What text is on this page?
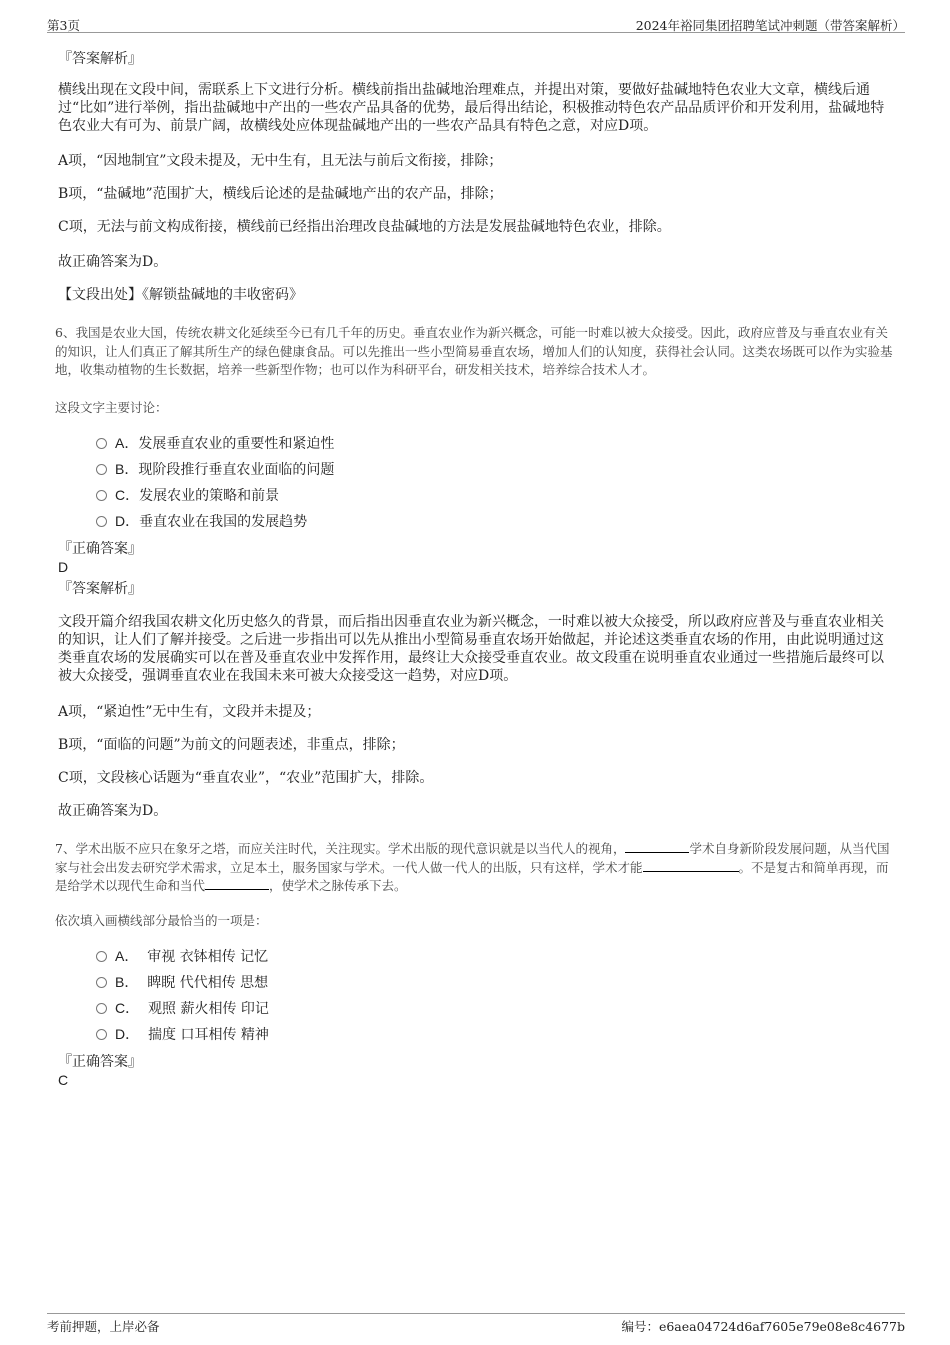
第3页	2024年裕同集团招聘笔试冲刺题（带答案解析）
『答案解析』
横线出现在文段中间，需联系上下文进行分析。横线前指出盐碱地治理难点，并提出对策，要做好盐碱地特色农业大文章，横线后通过“比如”进行举例，指出盐碱地中产出的一些农产品具备的优势，最后得出结论，积极推动特色农产品品质评价和开发利用，盐碱地特色农业大有可为、前景广阔，故横线处应体现盐碱地产出的一些农产品具有特色之意，对应D项。
A项，“因地制宜”文段未提及，无中生有，且无法与前后文衔接，排除；
B项，“盐碱地”范围扩大，横线后论述的是盐碱地产出的农产品，排除；
C项，无法与前文构成衔接，横线前已经指出治理改良盐碱地的方法是发展盐碱地特色农业，排除。
故正确答案为D。
【文段出处】《解锁盐碱地的丰收密码》
6、我国是农业大国，传统农耕文化延续至今已有几千年的历史。垂直农业作为新兴概念，可能一时难以被大众接受。因此，政府应普及与垂直农业有关的知识，让人们真正了解其所生产的绿色健康食品。可以先推出一些小型简易垂直农场，增加人们的认知度，获得社会认同。这类农场既可以作为实验基地，收集动植物的生长数据，培养一些新型作物；也可以作为科研平台，研发相关技术，培养综合技术人才。
这段文字主要讨论：
A．发展垂直农业的重要性和紧迫性
B．现阶段推行垂直农业面临的问题
C．发展农业的策略和前景
D．垂直农业在我国的发展趋势
『正确答案』
D
『答案解析』
文段开篇介绍我国农耕文化历史悠久的背景，而后指出因垂直农业为新兴概念，一时难以被大众接受，所以政府应普及与垂直农业相关的知识，让人们了解并接受。之后进一步指出可以先从推出小型简易垂直农场开始做起，并论述这类垂直农场的作用，由此说明通过这类垂直农场的发展确实可以在普及垂直农业中发挥作用，最终让大众接受垂直农业。故文段重在说明垂直农业通过一些措施后最终可以被大众接受，强调垂直农业在我国未来可被大众接受这一趋势，对应D项。
A项，“紧迫性”无中生有，文段并未提及；
B项，“面临的问题”为前文的问题表述，非重点，排除；
C项，文段核心话题为“垂直农业”，“农业”范围扩大，排除。
故正确答案为D。
7、学术出版不应只在象牙之塔，而应关注时代，关注现实。学术出版的现代意识就是以当代人的视角，	学术自身新阶段发展问题，从当代国家与社会出发去研究学术需求，立足本土，服务国家与学术。一代人做一代人的出版，只有这样，学术才能	。不是复古和简单再现，而是给学术以现代生命和当代	，使学术之脉传承下去。
依次填入画横线部分最恰当的一项是：
A． 审视 衣钵相传 记忆
B． 睥睨 代代相传 思想
C． 观照 薪火相传 印记
D． 揣度 口耳相传 精神
『正确答案』
C
考前押题，上岸必备	编号：e6aea04724d6af7605e79e08e8c4677b
